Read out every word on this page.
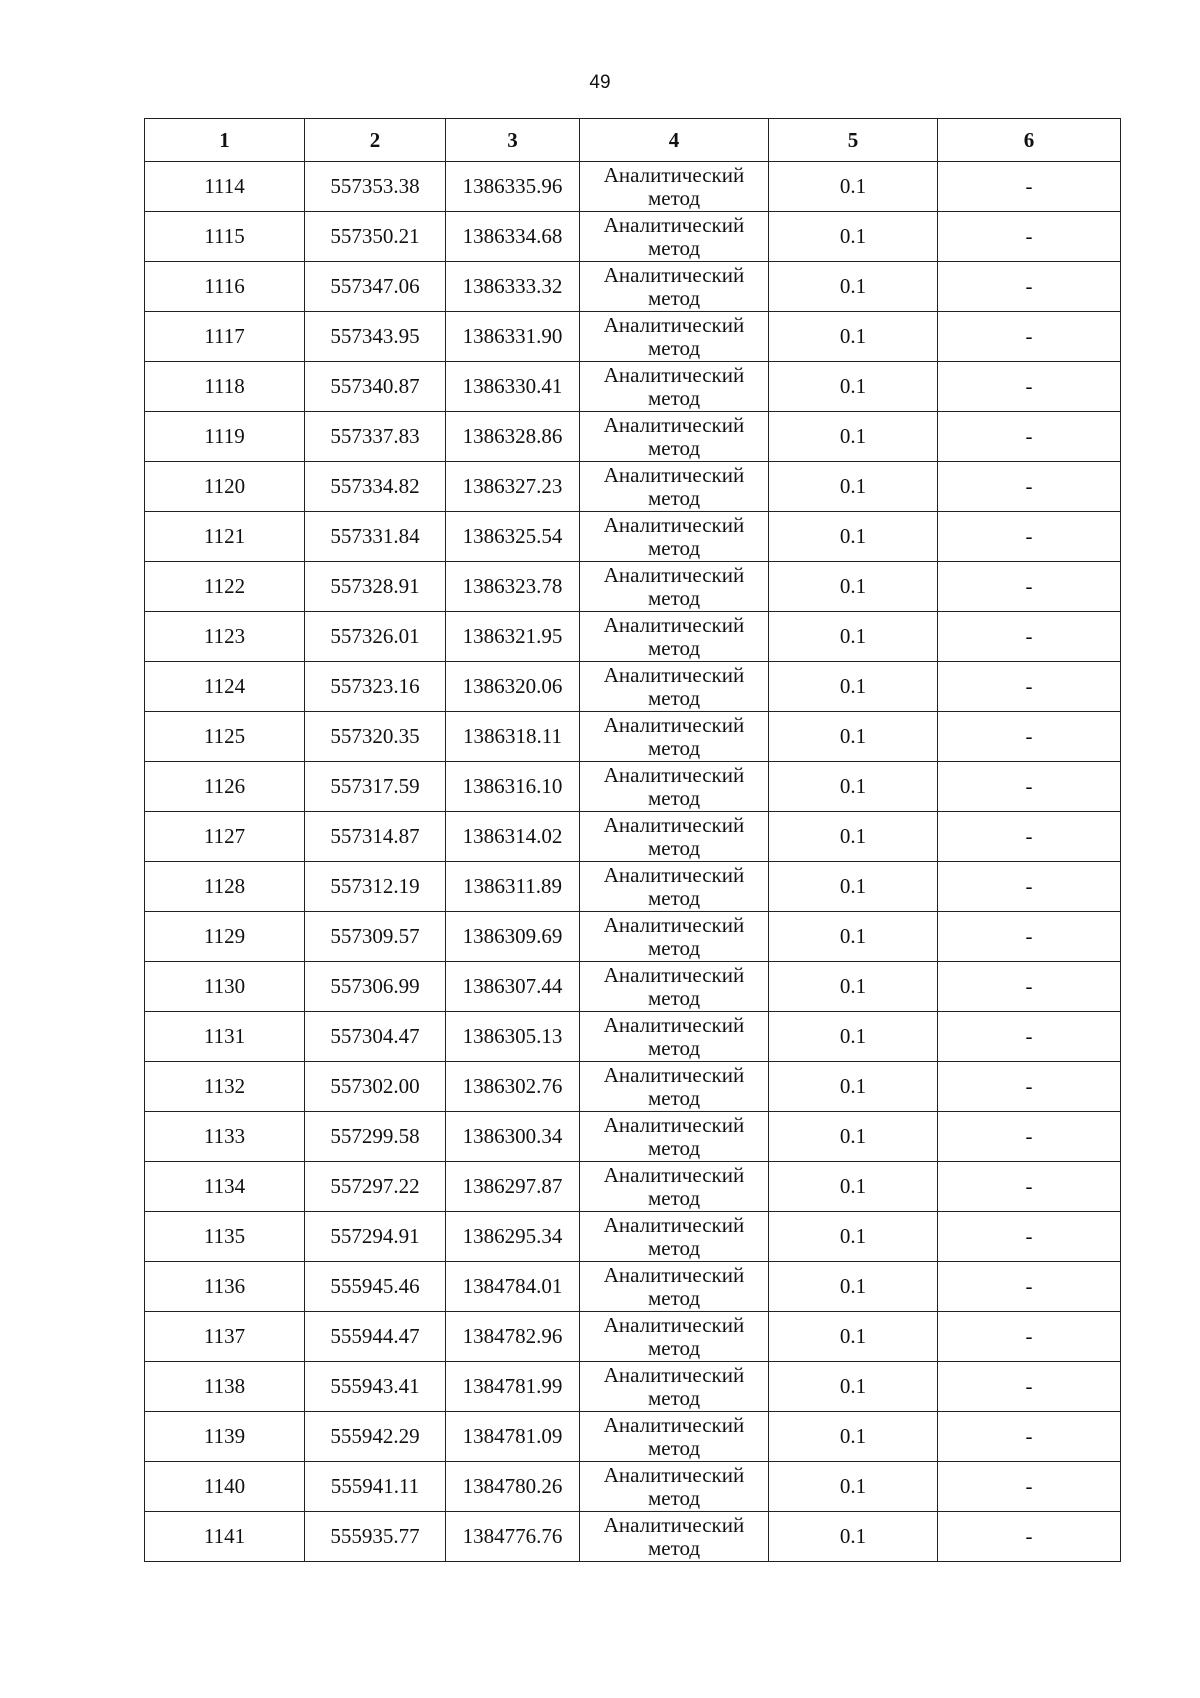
49
1	2	3	4	5	6
1114	557353.38	1386335.96	Аналитический
метод	0.1	-
1115	557350.21	1386334.68	Аналитический
метод	0.1	-
1116	557347.06	1386333.32	Аналитический
метод	0.1	-
1117	557343.95	1386331.90	Аналитический
метод	0.1	-
1118	557340.87	1386330.41	Аналитический
метод	0.1	-
1119	557337.83	1386328.86	Аналитический
метод	0.1	-
1120	557334.82	1386327.23	Аналитический
метод	0.1	-
1121	557331.84	1386325.54	Аналитический
метод	0.1	-
1122	557328.91	1386323.78	Аналитический
метод	0.1	-
1123	557326.01	1386321.95	Аналитический
метод	0.1	-
1124	557323.16	1386320.06	Аналитический
метод	0.1	-
1125	557320.35	1386318.11	Аналитический
метод	0.1	-
1126	557317.59	1386316.10	Аналитический
метод	0.1	-
1127	557314.87	1386314.02	Аналитический
метод	0.1	-
1128	557312.19	1386311.89	Аналитический
метод	0.1	-
1129	557309.57	1386309.69	Аналитический
метод	0.1	-
1130	557306.99	1386307.44	Аналитический
метод	0.1	-
1131	557304.47	1386305.13	Аналитический
метод	0.1	-
1132	557302.00	1386302.76	Аналитический
метод	0.1	-
1133	557299.58	1386300.34	Аналитический
метод	0.1	-
1134	557297.22	1386297.87	Аналитический
метод	0.1	-
1135	557294.91	1386295.34	Аналитический
метод	0.1	-
1136	555945.46	1384784.01	Аналитический
метод	0.1	-
1137	555944.47	1384782.96	Аналитический
метод	0.1	-
1138	555943.41	1384781.99	Аналитический
метод	0.1	-
1139	555942.29	1384781.09	Аналитический
метод	0.1	-
1140	555941.11	1384780.26	Аналитический
метод	0.1	-
1141	555935.77	1384776.76	Аналитический
метод	0.1	-
